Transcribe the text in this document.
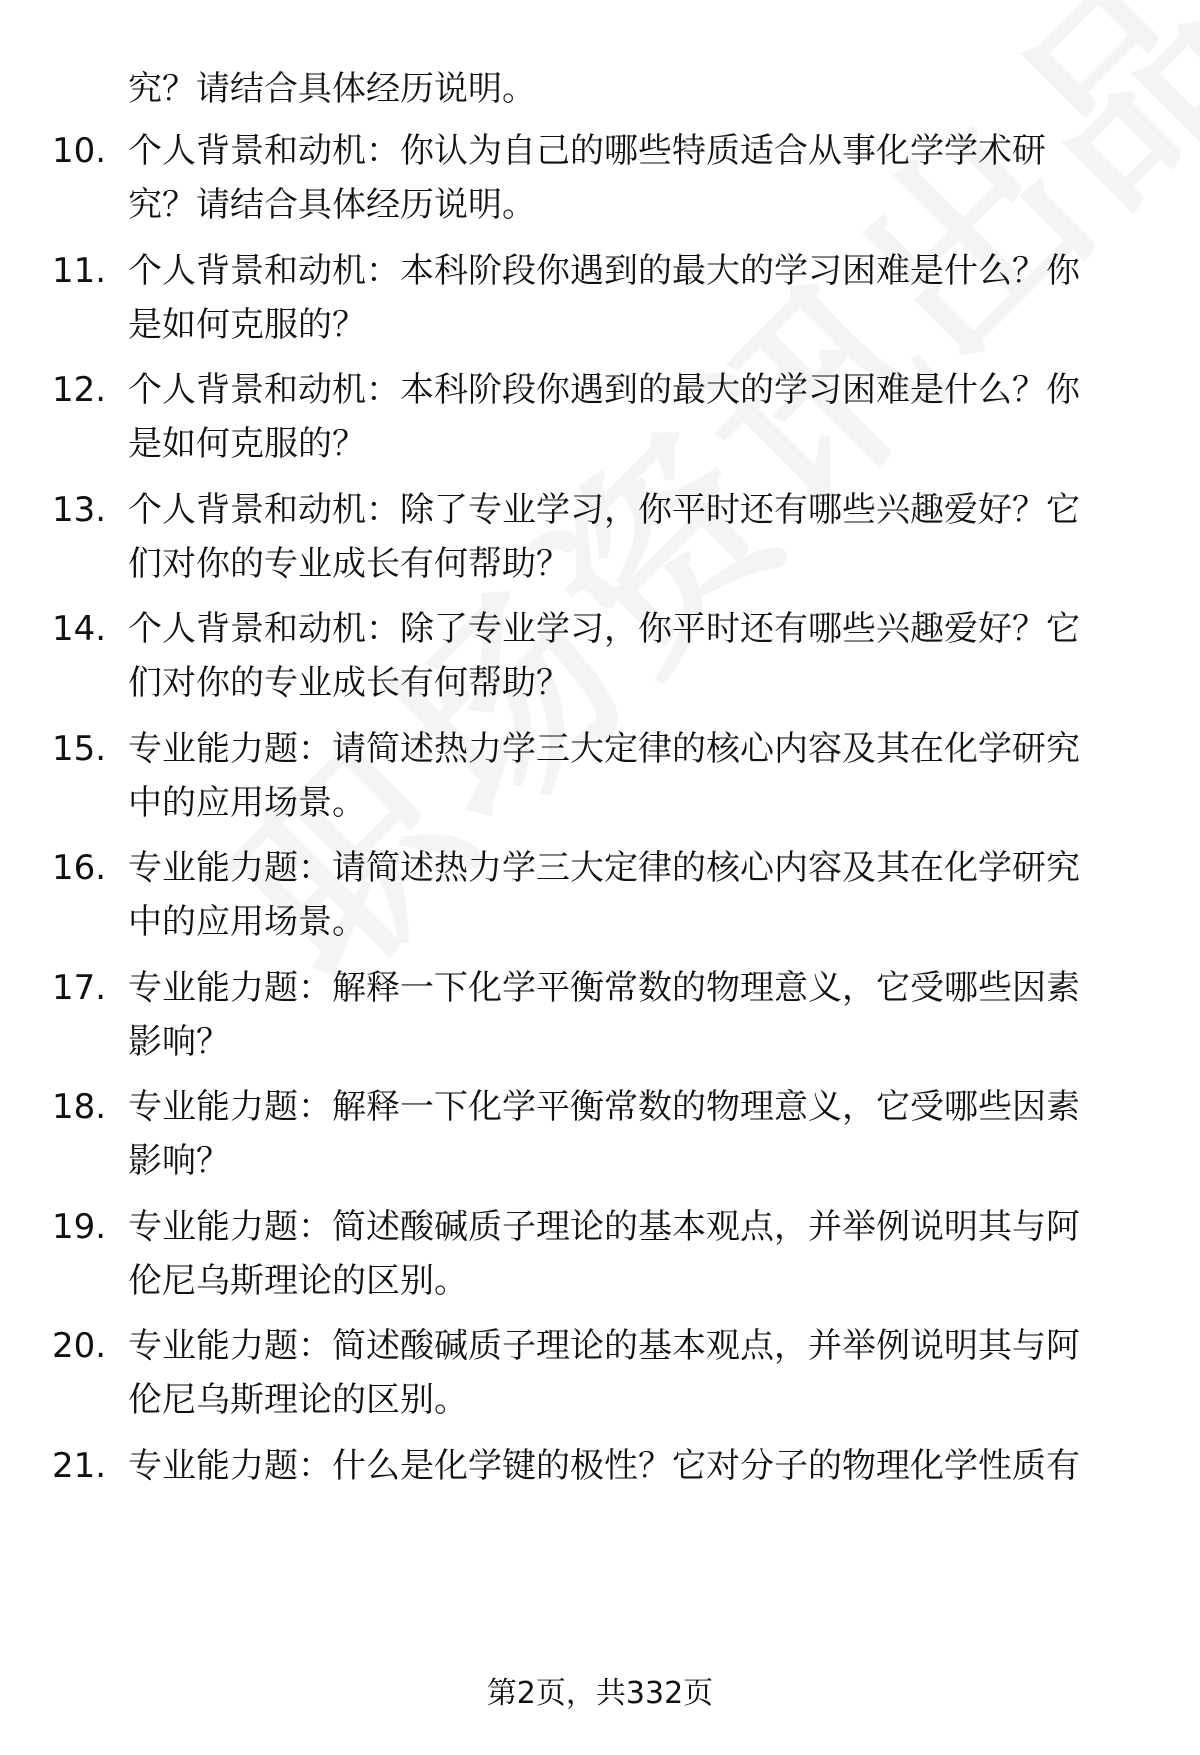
究？请结合具体经历说明。
10. 个人背景和动机：你认为自己的哪些特质适合从事化学学术研
究？请结合具体经历说明。
11. 个人背景和动机：本科阶段你遇到的最大的学习困难是什么？你
是如何克服的？
12. 个人背景和动机：本科阶段你遇到的最大的学习困难是什么？你
是如何克服的？
13. 个人背景和动机：除了专业学习，你平时还有哪些兴趣爱好？它
们对你的专业成长有何帮助？
14. 个人背景和动机：除了专业学习，你平时还有哪些兴趣爱好？它
们对你的专业成长有何帮助？
15. 专业能力题：请简述热力学三大定律的核心内容及其在化学研究
中的应用场景。
16. 专业能力题：请简述热力学三大定律的核心内容及其在化学研究
中的应用场景。
17. 专业能力题：解释一下化学平衡常数的物理意义，它受哪些因素
影响？
18. 专业能力题：解释一下化学平衡常数的物理意义，它受哪些因素
影响？
19. 专业能力题：简述酸碱质子理论的基本观点，并举例说明其与阿
伦尼乌斯理论的区别。
20. 专业能力题：简述酸碱质子理论的基本观点，并举例说明其与阿
伦尼乌斯理论的区别。
21. 专业能力题：什么是化学键的极性？它对分子的物理化学性质有
第2页，共332页
